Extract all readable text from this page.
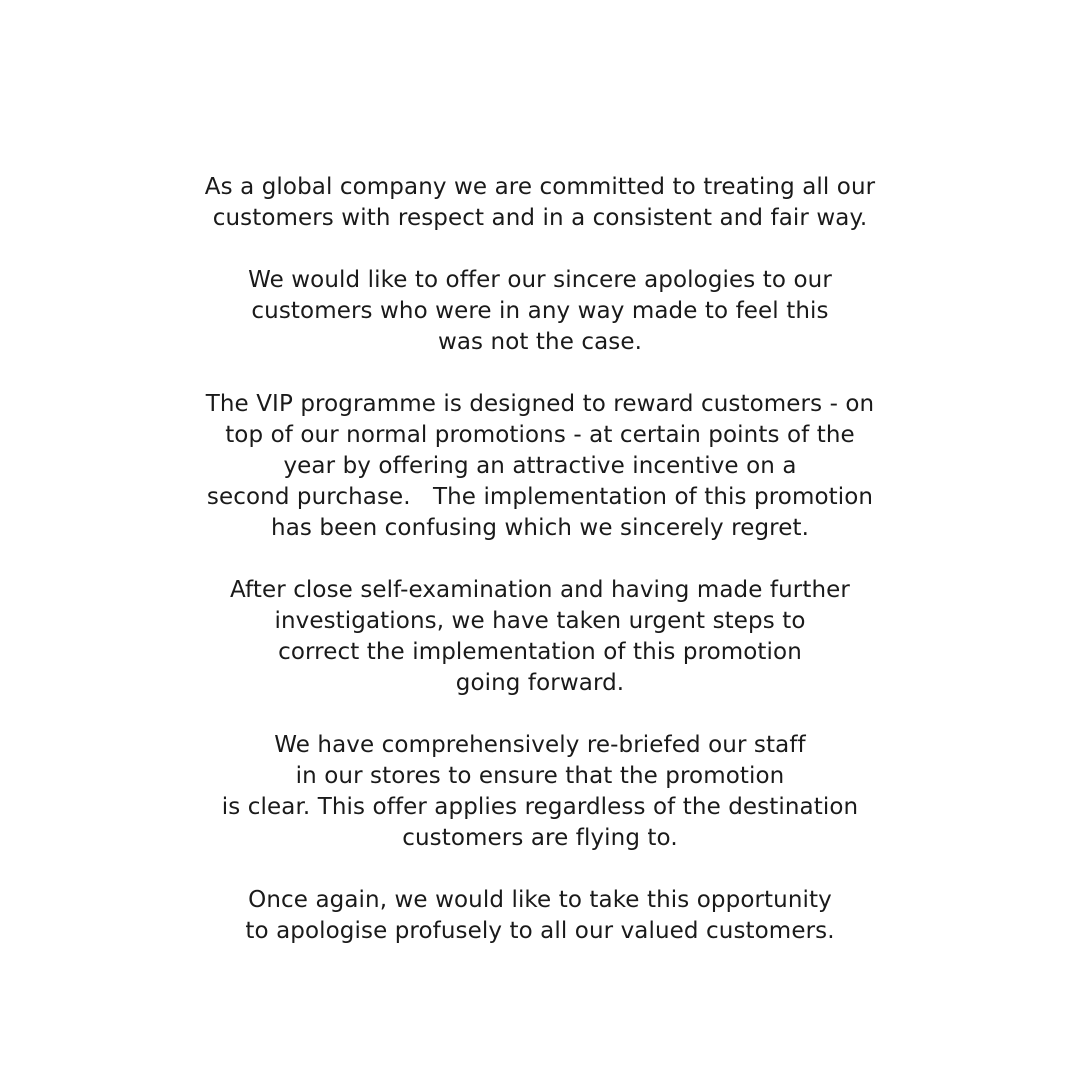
As a global company we are committed to treating all our
customers with respect and in a consistent and fair way.

We would like to offer our sincere apologies to our
customers who were in any way made to feel this
was not the case.

The VIP programme is designed to reward customers - on
top of our normal promotions - at certain points of the
year by offering an attractive incentive on a
second purchase.   The implementation of this promotion
has been confusing which we sincerely regret.

After close self-examination and having made further
investigations, we have taken urgent steps to
correct the implementation of this promotion
going forward.

We have comprehensively re-briefed our staff
in our stores to ensure that the promotion
is clear. This offer applies regardless of the destination
customers are flying to.

Once again, we would like to take this opportunity
to apologise profusely to all our valued customers.
